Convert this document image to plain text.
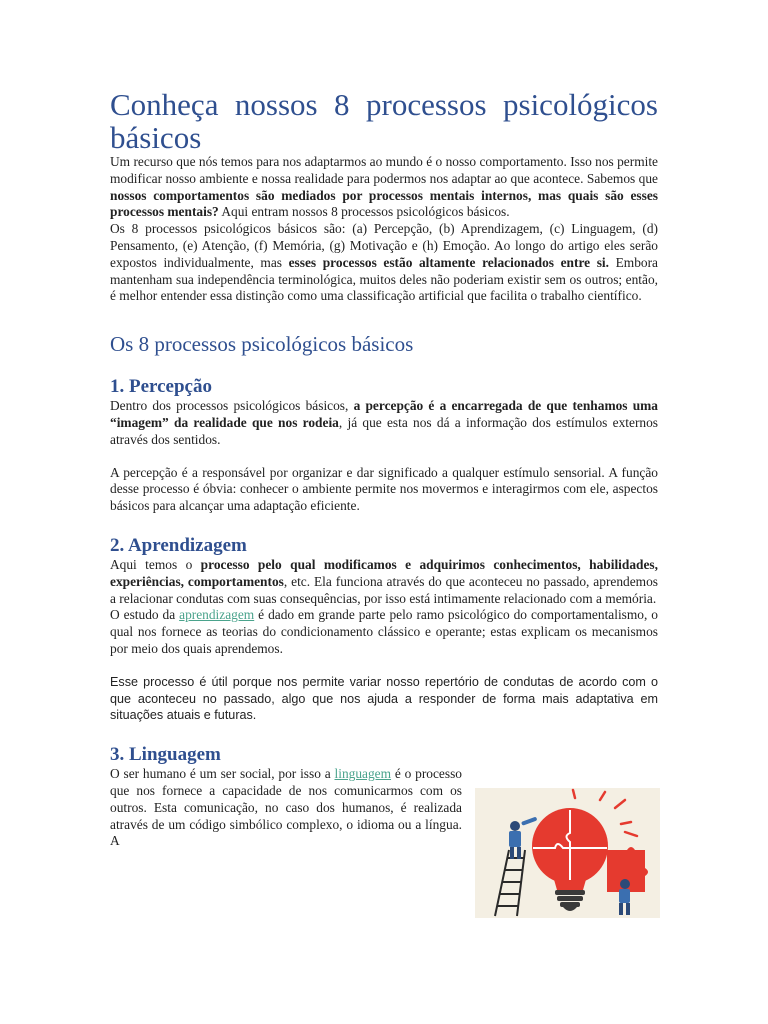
Conheça nossos 8 processos psicológicos básicos

Um recurso que nós temos para nos adaptarmos ao mundo é o nosso comportamento. Isso nos permite modificar nosso ambiente e nossa realidade para podermos nos adaptar ao que acontece. Sabemos que nossos comportamentos são mediados por processos mentais internos, mas quais são esses processos mentais? Aqui entram nossos 8 processos psicológicos básicos.

Os 8 processos psicológicos básicos são: (a) Percepção, (b) Aprendizagem, (c) Linguagem, (d) Pensamento, (e) Atenção, (f) Memória, (g) Motivação e (h) Emoção. Ao longo do artigo eles serão expostos individualmente, mas esses processos estão altamente relacionados entre si. Embora mantenham sua independência terminológica, muitos deles não poderiam existir sem os outros; então, é melhor entender essa distinção como uma classificação artificial que facilita o trabalho científico.

Os 8 processos psicológicos básicos
1. Percepção

Dentro dos processos psicológicos básicos, a percepção é a encarregada de que tenhamos uma “imagem” da realidade que nos rodeia, já que esta nos dá a informação dos estímulos externos através dos sentidos.

A percepção é a responsável por organizar e dar significado a qualquer estímulo sensorial. A função desse processo é óbvia: conhecer o ambiente permite nos movermos e interagirmos com ele, aspectos básicos para alcançar uma adaptação eficiente.

2. Aprendizagem

Aqui temos o processo pelo qual modificamos e adquirimos conhecimentos, habilidades, experiências, comportamentos, etc. Ela funciona através do que aconteceu no passado, aprendemos a relacionar condutas com suas consequências, por isso está intimamente relacionado com a memória.

O estudo da aprendizagem é dado em grande parte pelo ramo psicológico do comportamentalismo, o qual nos fornece as teorias do condicionamento clássico e operante; estas explicam os mecanismos por meio dos quais aprendemos.

Esse processo é útil porque nos permite variar nosso repertório de condutas de acordo com o que aconteceu no passado, algo que nos ajuda a responder de forma mais adaptativa em situações atuais e futuras.

3. Linguagem

O ser humano é um ser social, por isso a linguagem é o processo que nos fornece a capacidade de nos comunicarmos com os outros. Esta comunicação, no caso dos humanos, é realizada através de um código simbólico complexo, o idioma ou a língua. A
